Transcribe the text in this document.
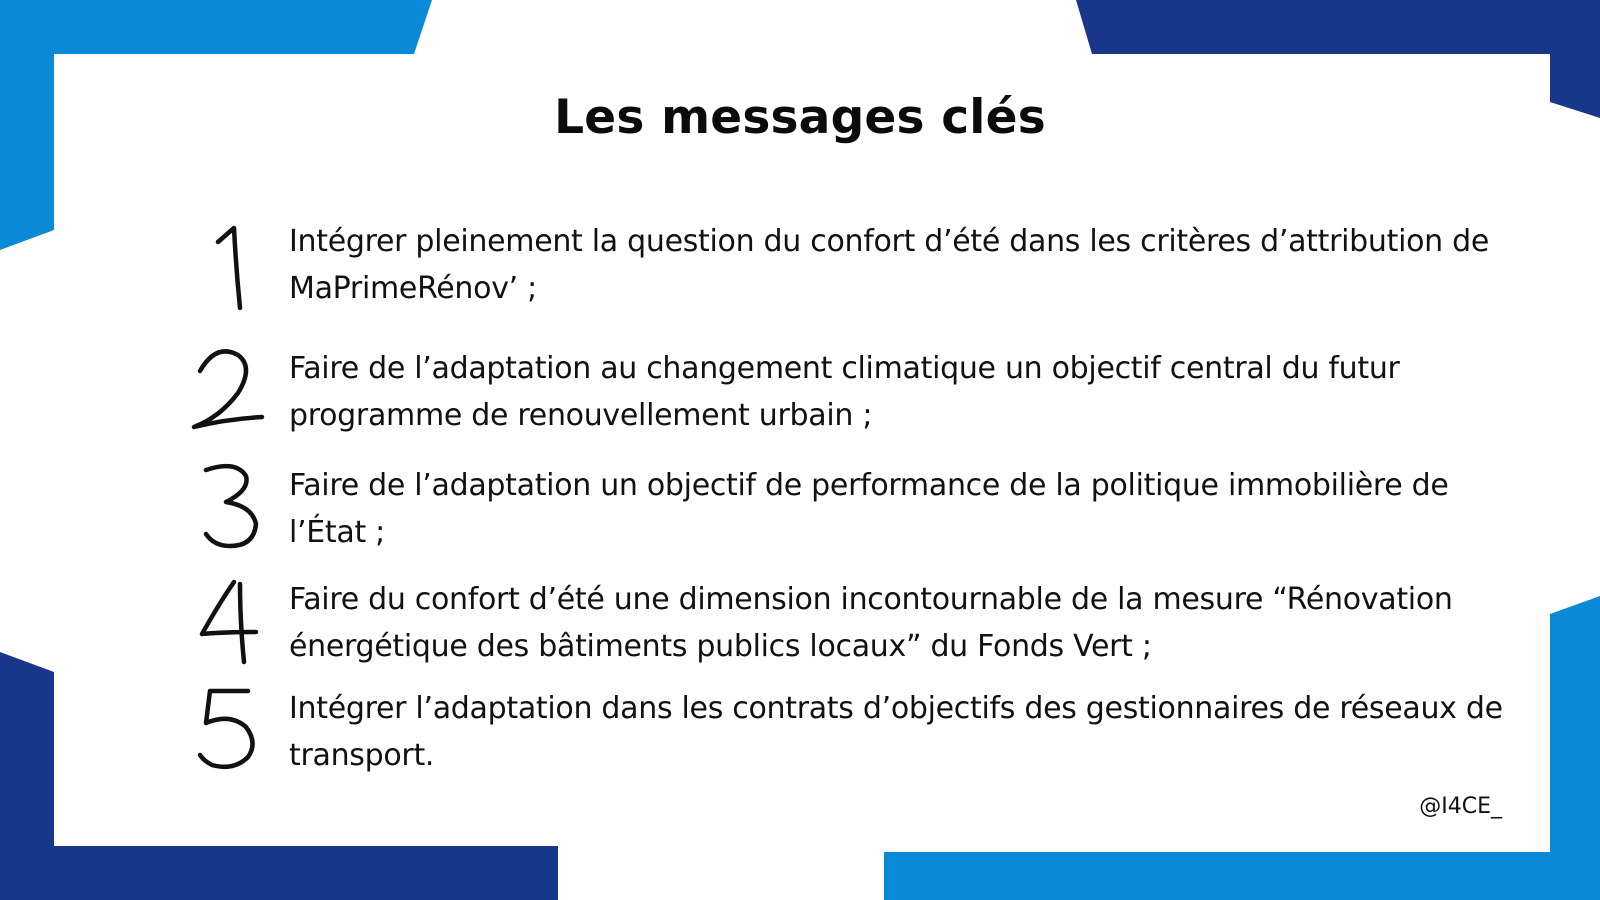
Les messages clés
Intégrer pleinement la question du confort d’été dans les critères d’attribution de MaPrimeRénov’ ;
Faire de l’adaptation au changement climatique un objectif central du futur programme de renouvellement urbain ;
Faire de l’adaptation un objectif de performance de la politique immobilière de l’État ;
Faire du confort d’été une dimension incontournable de la mesure “Rénovation énergétique des bâtiments publics locaux” du Fonds Vert ;
Intégrer l’adaptation dans les contrats d’objectifs des gestionnaires de réseaux de transport.
@I4CE_
